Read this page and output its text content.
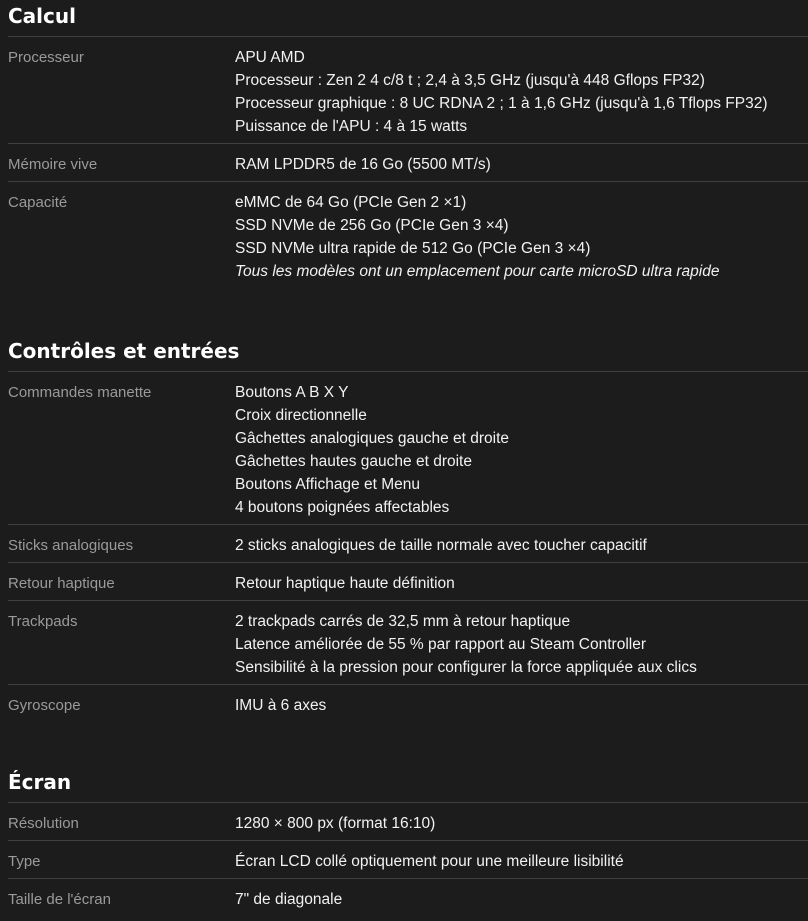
Calcul
Processeur	APU AMD
Processeur : Zen 2 4 c/8 t ; 2,4 à 3,5 GHz (jusqu'à 448 Gflops FP32)
Processeur graphique : 8 UC RDNA 2 ; 1 à 1,6 GHz (jusqu'à 1,6 Tflops FP32)
Puissance de l'APU : 4 à 15 watts
Mémoire vive	RAM LPDDR5 de 16 Go (5500 MT/s)
Capacité	eMMC de 64 Go (PCIe Gen 2 ×1)
SSD NVMe de 256 Go (PCIe Gen 3 ×4)
SSD NVMe ultra rapide de 512 Go (PCIe Gen 3 ×4)
Tous les modèles ont un emplacement pour carte microSD ultra rapide
Contrôles et entrées
Commandes manette	Boutons A B X Y
Croix directionnelle
Gâchettes analogiques gauche et droite
Gâchettes hautes gauche et droite
Boutons Affichage et Menu
4 boutons poignées affectables
Sticks analogiques	2 sticks analogiques de taille normale avec toucher capacitif
Retour haptique	Retour haptique haute définition
Trackpads	2 trackpads carrés de 32,5 mm à retour haptique
Latence améliorée de 55 % par rapport au Steam Controller
Sensibilité à la pression pour configurer la force appliquée aux clics
Gyroscope	IMU à 6 axes
Écran
Résolution	1280 × 800 px (format 16:10)
Type	Écran LCD collé optiquement pour une meilleure lisibilité
Taille de l'écran	7" de diagonale
